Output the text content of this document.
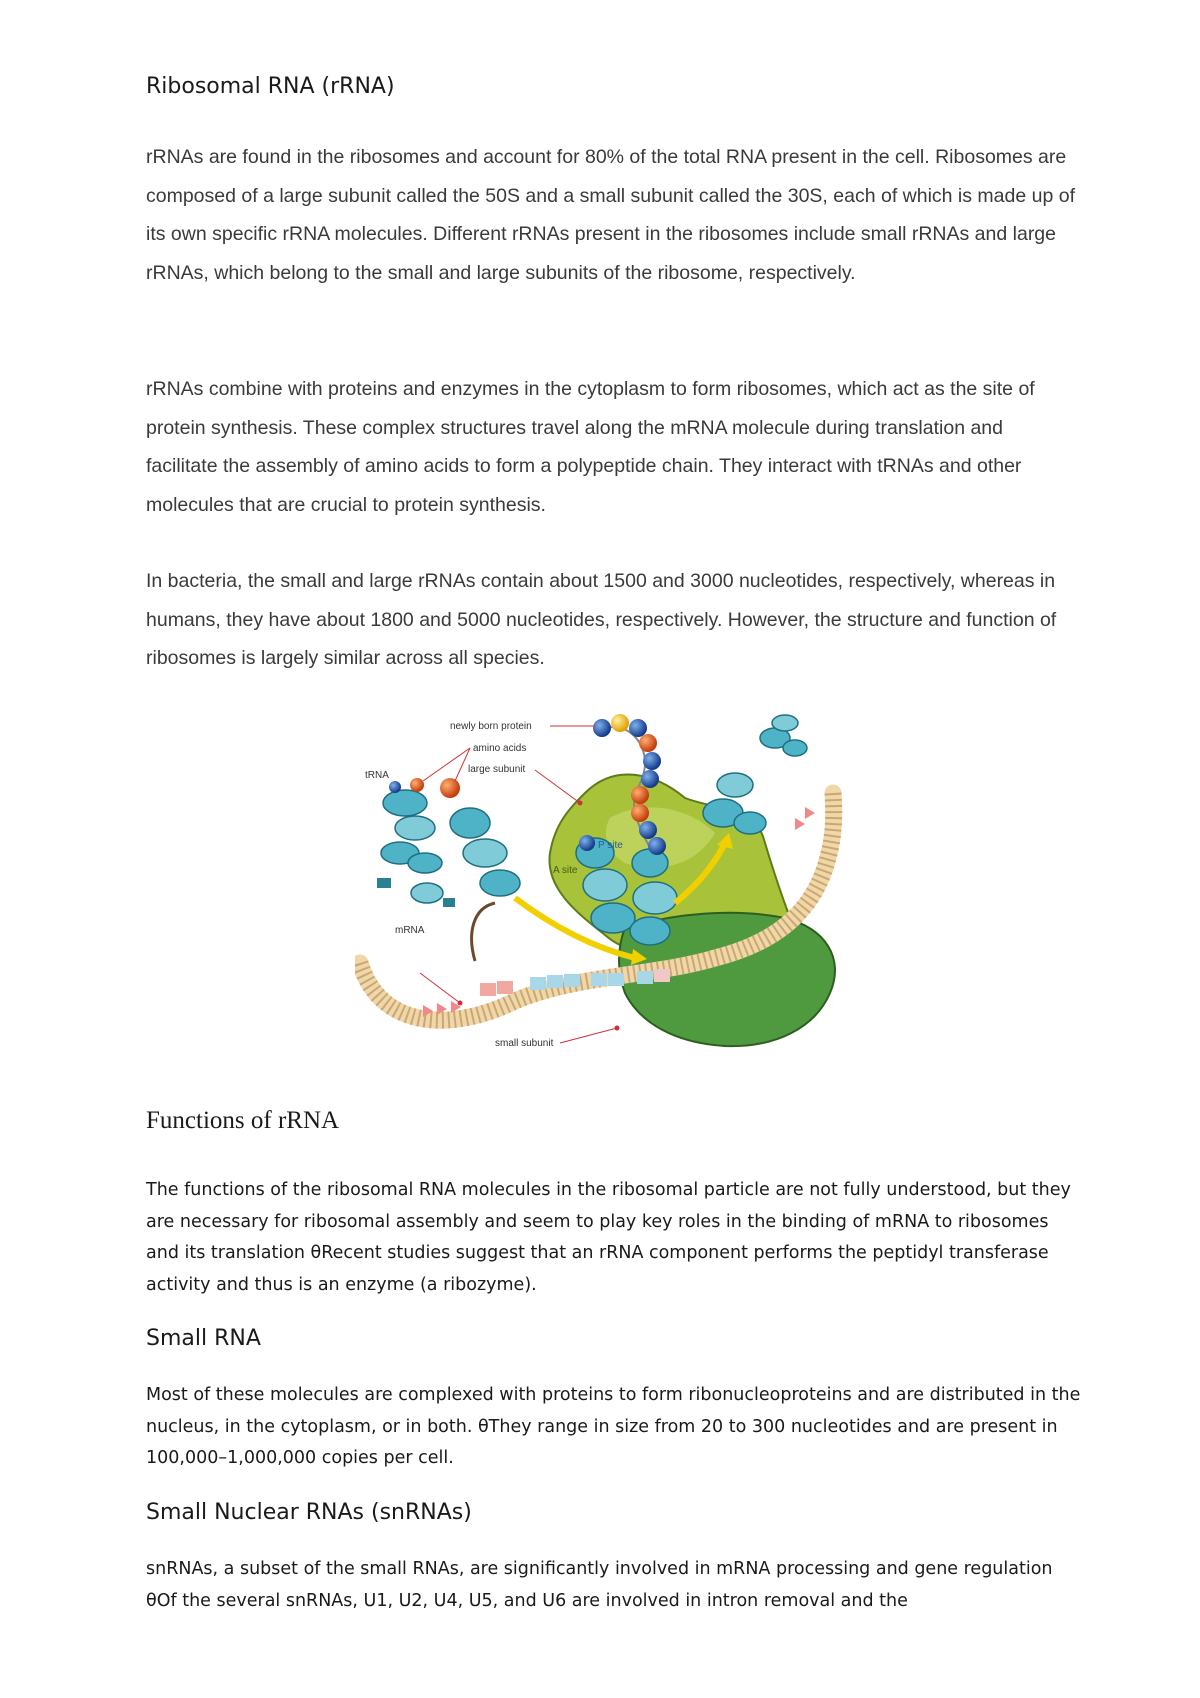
Ribosomal RNA (rRNA)

rRNAs are found in the ribosomes and account for 80% of the total RNA present in the cell. Ribosomes are composed of a large subunit called the 50S and a small subunit called the 30S, each of which is made up of its own specific rRNA molecules. Different rRNAs present in the ribosomes include small rRNAs and large rRNAs, which belong to the small and large subunits of the ribosome, respectively.

rRNAs combine with proteins and enzymes in the cytoplasm to form ribosomes, which act as the site of protein synthesis. These complex structures travel along the mRNA molecule during translation and facilitate the assembly of amino acids to form a polypeptide chain. They interact with tRNAs and other molecules that are crucial to protein synthesis.

In bacteria, the small and large rRNAs contain about 1500 and 3000 nucleotides, respectively, whereas in humans, they have about 1800 and 5000 nucleotides, respectively. However, the structure and function of ribosomes is largely similar across all species.

newly born protein
amino acids
large subunit
tRNA
P site
A site
mRNA
small subunit
Functions of rRNA

The functions of the ribosomal RNA molecules in the ribosomal particle are not fully understood, but they are necessary for ribosomal assembly and seem to play key roles in the binding of mRNA to ribosomes and its translation θRecent studies suggest that an rRNA component performs the peptidyl transferase activity and thus is an enzyme (a ribozyme).

Small RNA

Most of these molecules are complexed with proteins to form ribonucleoproteins and are distributed in the nucleus, in the cytoplasm, or in both. θThey range in size from 20 to 300 nucleotides and are present in 100,000–1,000,000 copies per cell.

Small Nuclear RNAs (snRNAs)

snRNAs, a subset of the small RNAs, are significantly involved in mRNA processing and gene regulation θOf the several snRNAs, U1, U2, U4, U5, and U6 are involved in intron removal and the
